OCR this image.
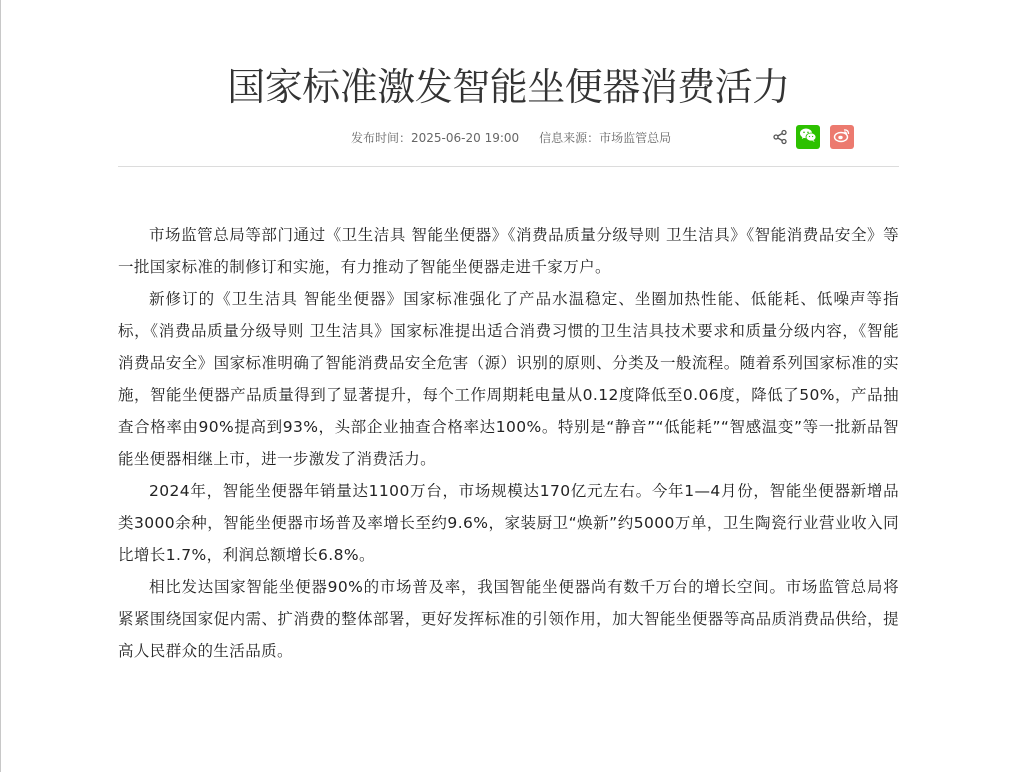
国家标准激发智能坐便器消费活力
发布时间：2025-06-20 19:00 信息来源：市场监管总局

市场监管总局等部门通过《卫生洁具 智能坐便器》《消费品质量分级导则 卫生洁具》《智能消费品安全》等一批国家标准的制修订和实施，有力推动了智能坐便器走进千家万户。

新修订的《卫生洁具 智能坐便器》国家标准强化了产品水温稳定、坐圈加热性能、低能耗、低噪声等指标，《消费品质量分级导则 卫生洁具》国家标准提出适合消费习惯的卫生洁具技术要求和质量分级内容，《智能消费品安全》国家标准明确了智能消费品安全危害（源）识别的原则、分类及一般流程。随着系列国家标准的实施，智能坐便器产品质量得到了显著提升，每个工作周期耗电量从0.12度降低至0.06度，降低了50%，产品抽查合格率由90%提高到93%，头部企业抽查合格率达100%。特别是“静音”“低能耗”“智感温变”等一批新品智能坐便器相继上市，进一步激发了消费活力。

2024年，智能坐便器年销量达1100万台，市场规模达170亿元左右。今年1—4月份，智能坐便器新增品类3000余种，智能坐便器市场普及率增长至约9.6%，家装厨卫“焕新”约5000万单，卫生陶瓷行业营业收入同比增长1.7%，利润总额增长6.8%。

相比发达国家智能坐便器90%的市场普及率，我国智能坐便器尚有数千万台的增长空间。市场监管总局将紧紧围绕国家促内需、扩消费的整体部署，更好发挥标准的引领作用，加大智能坐便器等高品质消费品供给，提高人民群众的生活品质。
